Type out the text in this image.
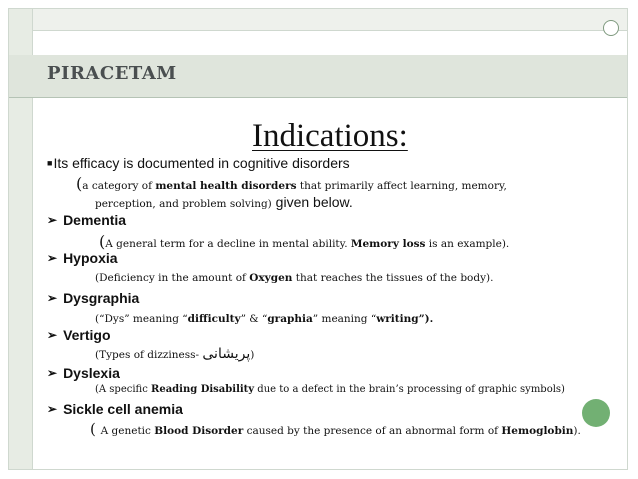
PIRACETAM
Indications:
■Its efficacy is documented in cognitive disorders
(a category of mental health disorders that primarily affect learning, memory,
perception, and problem solving) given below.
➢ Dementia
(A general term for a decline in mental ability. Memory loss is an example).
➢ Hypoxia
(Deficiency in the amount of Oxygen that reaches the tissues of the body).
➢ Dysgraphia
(“Dys” meaning “difficulty” & “graphia” meaning “writing”).
➢ Vertigo
(Types of dizziness- پریشانی)
➢ Dyslexia
(A specific Reading Disability due to a defect in the brain’s processing of graphic symbols)
➢ Sickle cell anemia
( A genetic Blood Disorder caused by the presence of an abnormal form of Hemoglobin).
